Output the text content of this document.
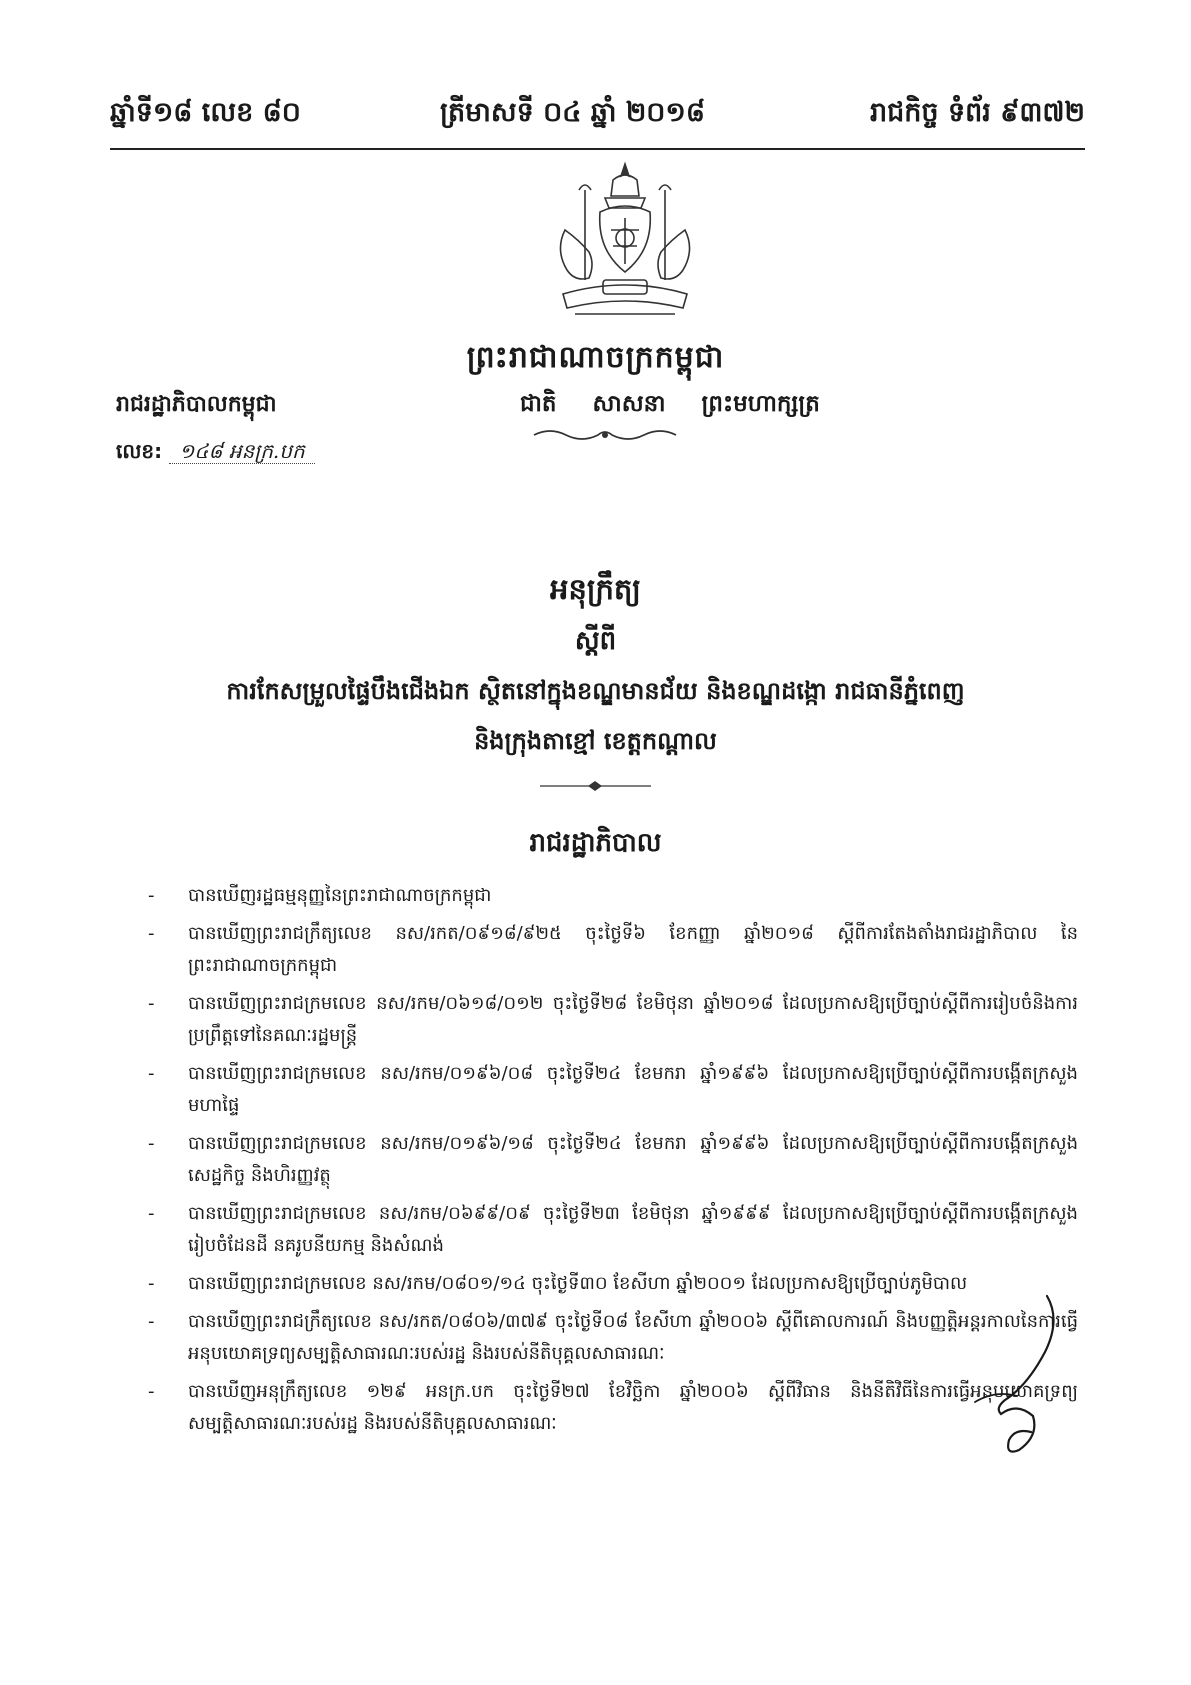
ឆ្នាំទី១៨ លេខ ៨០	ត្រីមាសទី ០៤ ឆ្នាំ ២០១៨	រាជកិច្ច ទំព័រ ៩៣៧២
ព្រះរាជាណាចក្រកម្ពុជា
ជាតិ សាសនា ព្រះមហាក្សត្រ
រាជរដ្ឋាភិបាលកម្ពុជា
លេខ: ១៤៨ អនក្រ.បក
អនុក្រឹត្យ
ស្តីពី
ការកែសម្រួលផ្ទៃបឹងជើងឯក ស្ថិតនៅក្នុងខណ្ឌមានជ័យ និងខណ្ឌដង្កោ រាជធានីភ្នំពេញ
និងក្រុងតាខ្មៅ ខេត្តកណ្តាល
រាជរដ្ឋាភិបាល
- បានឃើញរដ្ឋធម្មនុញ្ញនៃព្រះរាជាណាចក្រកម្ពុជា
- បានឃើញព្រះរាជក្រឹត្យលេខ នស/រកត/០៩១៨/៩២៥ ចុះថ្ងៃទី៦ ខែកញ្ញា ឆ្នាំ២០១៨ ស្តីពីការតែងតាំងរាជរដ្ឋាភិបាល នៃព្រះរាជាណាចក្រកម្ពុជា
- បានឃើញព្រះរាជក្រមលេខ នស/រកម/០៦១៨/០១២ ចុះថ្ងៃទី២៨ ខែមិថុនា ឆ្នាំ២០១៨ ដែលប្រកាសឱ្យប្រើច្បាប់ស្តីពីការរៀបចំនិងការប្រព្រឹត្តទៅនៃគណៈរដ្ឋមន្ត្រី
- បានឃើញព្រះរាជក្រមលេខ នស/រកម/០១៩៦/០៨ ចុះថ្ងៃទី២៤ ខែមករា ឆ្នាំ១៩៩៦ ដែលប្រកាសឱ្យប្រើច្បាប់ស្តីពីការបង្កើតក្រសួងមហាផ្ទៃ
- បានឃើញព្រះរាជក្រមលេខ នស/រកម/០១៩៦/១៨ ចុះថ្ងៃទី២៤ ខែមករា ឆ្នាំ១៩៩៦ ដែលប្រកាសឱ្យប្រើច្បាប់ស្តីពីការបង្កើតក្រសួងសេដ្ឋកិច្ច និងហិរញ្ញវត្ថុ
- បានឃើញព្រះរាជក្រមលេខ នស/រកម/០៦៩៩/០៩ ចុះថ្ងៃទី២៣ ខែមិថុនា ឆ្នាំ១៩៩៩ ដែលប្រកាសឱ្យប្រើច្បាប់ស្តីពីការបង្កើតក្រសួងរៀបចំដែនដី នគរូបនីយកម្ម និងសំណង់
- បានឃើញព្រះរាជក្រមលេខ នស/រកម/០៨០១/១៤ ចុះថ្ងៃទី៣០ ខែសីហា ឆ្នាំ២០០១ ដែលប្រកាសឱ្យប្រើច្បាប់ភូមិបាល
- បានឃើញព្រះរាជក្រឹត្យលេខ នស/រកត/០៨០៦/៣៧៩ ចុះថ្ងៃទី០៨ ខែសីហា ឆ្នាំ២០០៦ ស្តីពីគោលការណ៍ និងបញ្ញត្តិអន្តរកាលនៃការធ្វើអនុបយោគទ្រព្យសម្បត្តិសាធារណៈរបស់រដ្ឋ និងរបស់នីតិបុគ្គលសាធារណៈ
- បានឃើញអនុក្រឹត្យលេខ ១២៩ អនក្រ.បក ចុះថ្ងៃទី២៧ ខែវិច្ឆិកា ឆ្នាំ២០០៦ ស្តីពីវិធាន និងនីតិវិធីនៃការធ្វើអនុបយោគទ្រព្យសម្បត្តិសាធារណៈរបស់រដ្ឋ និងរបស់នីតិបុគ្គលសាធារណៈ
